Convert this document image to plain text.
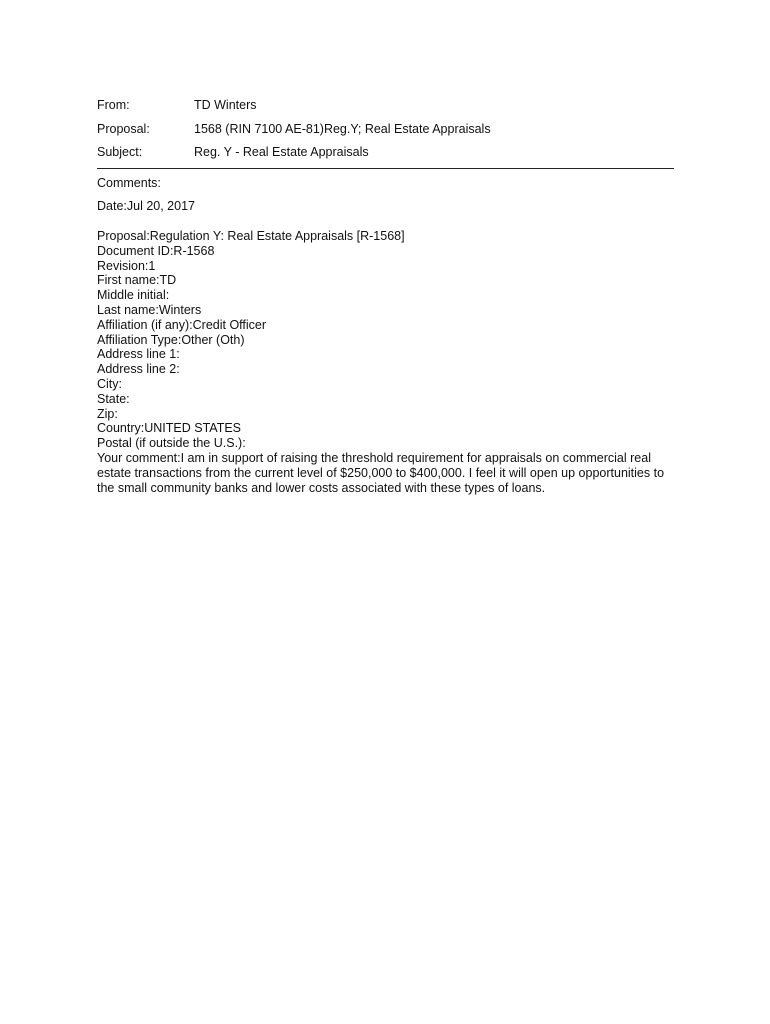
From:	TD Winters
Proposal:	1568 (RIN 7100 AE-81)Reg.Y; Real Estate Appraisals
Subject:	Reg. Y - Real Estate Appraisals
Comments:
Date:Jul 20, 2017
Proposal:Regulation Y: Real Estate Appraisals [R-1568]
Document ID:R-1568
Revision:1
First name:TD
Middle initial:
Last name:Winters
Affiliation (if any):Credit Officer
Affiliation Type:Other (Oth)
Address line 1:
Address line 2:
City:
State:
Zip:
Country:UNITED STATES
Postal (if outside the U.S.):
Your comment:I am in support of raising the threshold requirement for appraisals on commercial real
estate transactions from the current level of $250,000 to $400,000. I feel it will open up opportunities to
the small community banks and lower costs associated with these types of loans.
